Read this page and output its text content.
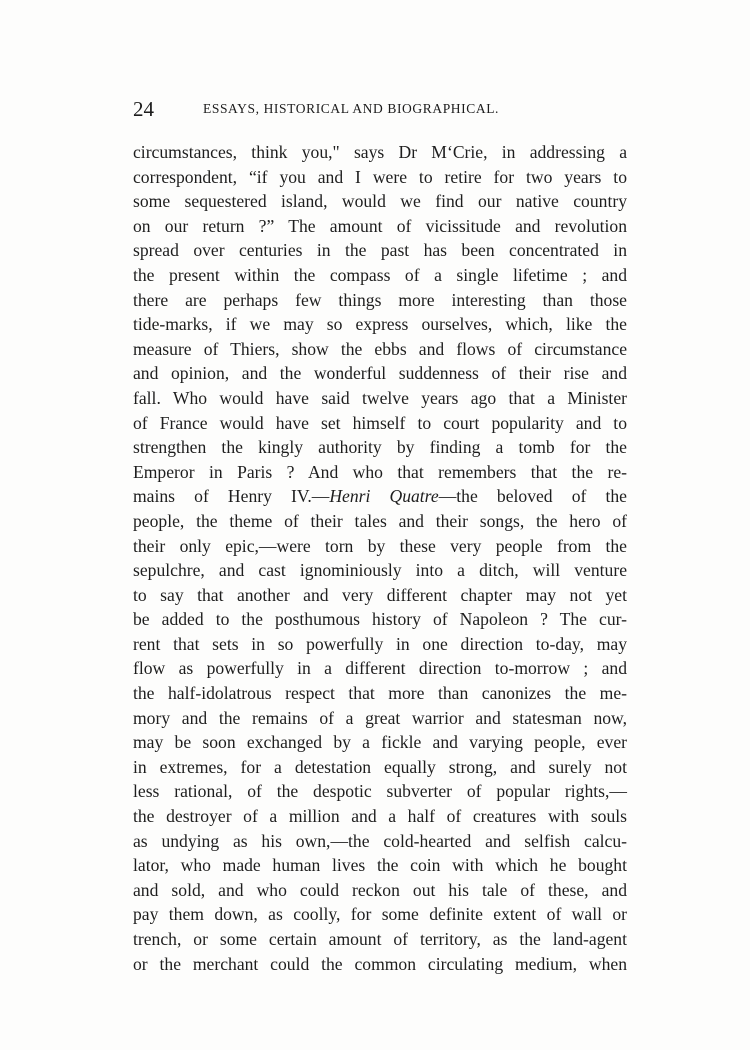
24	ESSAYS, HISTORICAL AND BIOGRAPHICAL.
circumstances, think you," says Dr M‘Crie, in addressing a
correspondent, “if you and I were to retire for two years to
some sequestered island, would we find our native country
on our return ?” The amount of vicissitude and revolution
spread over centuries in the past has been concentrated in
the present within the compass of a single lifetime ; and
there are perhaps few things more interesting than those
tide-marks, if we may so express ourselves, which, like the
measure of Thiers, show the ebbs and flows of circumstance
and opinion, and the wonderful suddenness of their rise and
fall. Who would have said twelve years ago that a Minister
of France would have set himself to court popularity and to
strengthen the kingly authority by finding a tomb for the
Emperor in Paris ? And who that remembers that the re-
mains of Henry IV.—Henri Quatre—the beloved of the
people, the theme of their tales and their songs, the hero of
their only epic,—were torn by these very people from the
sepulchre, and cast ignominiously into a ditch, will venture
to say that another and very different chapter may not yet
be added to the posthumous history of Napoleon ? The cur-
rent that sets in so powerfully in one direction to-day, may
flow as powerfully in a different direction to-morrow ; and
the half-idolatrous respect that more than canonizes the me-
mory and the remains of a great warrior and statesman now,
may be soon exchanged by a fickle and varying people, ever
in extremes, for a detestation equally strong, and surely not
less rational, of the despotic subverter of popular rights,—
the destroyer of a million and a half of creatures with souls
as undying as his own,—the cold-hearted and selfish calcu-
lator, who made human lives the coin with which he bought
and sold, and who could reckon out his tale of these, and
pay them down, as coolly, for some definite extent of wall or
trench, or some certain amount of territory, as the land-agent
or the merchant could the common circulating medium, when
